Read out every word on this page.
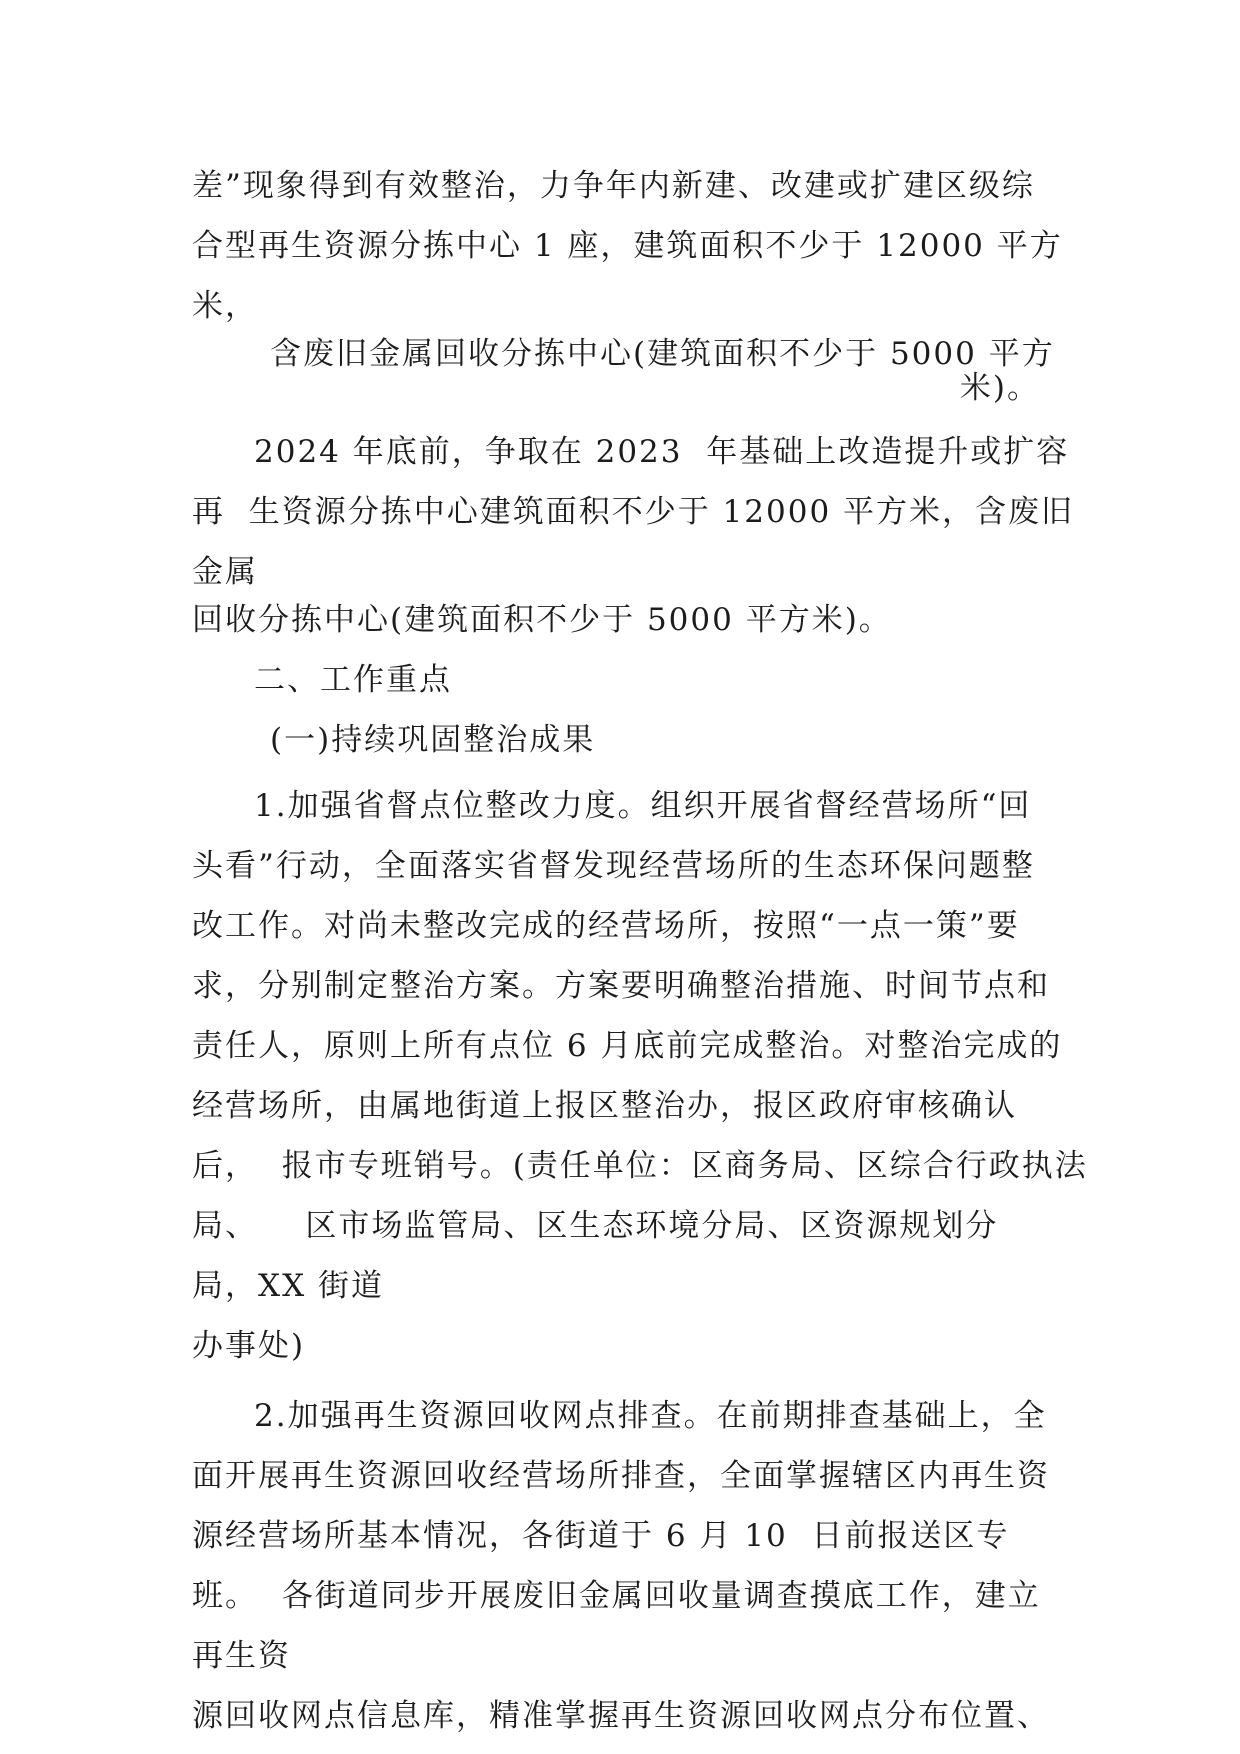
差”现象得到有效整治，力争年内新建、改建或扩建区级综
合型再生资源分拣中心 1 座，建筑面积不少于 12000 平方
米，
含废旧金属回收分拣中心(建筑面积不少于 5000 平方
米)。
2024 年底前，争取在 2023  年基础上改造提升或扩容
再  生资源分拣中心建筑面积不少于 12000 平方米，含废旧
金属
回收分拣中心(建筑面积不少于 5000 平方米)。
二、工作重点
(一)持续巩固整治成果
1.加强省督点位整改力度。组织开展省督经营场所“回
头看”行动，全面落实省督发现经营场所的生态环保问题整
改工作。对尚未整改完成的经营场所，按照“一点一策”要
求，分别制定整治方案。方案要明确整治措施、时间节点和
责任人，原则上所有点位 6 月底前完成整治。对整治完成的
经营场所，由属地街道上报区整治办，报区政府审核确认
后，  报市专班销号。(责任单位：区商务局、区综合行政执法
局、    区市场监管局、区生态环境分局、区资源规划分
局，XX 街道
办事处)
2.加强再生资源回收网点排查。在前期排查基础上，全
面开展再生资源回收经营场所排查，全面掌握辖区内再生资
源经营场所基本情况，各街道于 6 月 10  日前报送区专
班。  各街道同步开展废旧金属回收量调查摸底工作，建立
再生资
源回收网点信息库，精准掌握再生资源回收网点分布位置、
